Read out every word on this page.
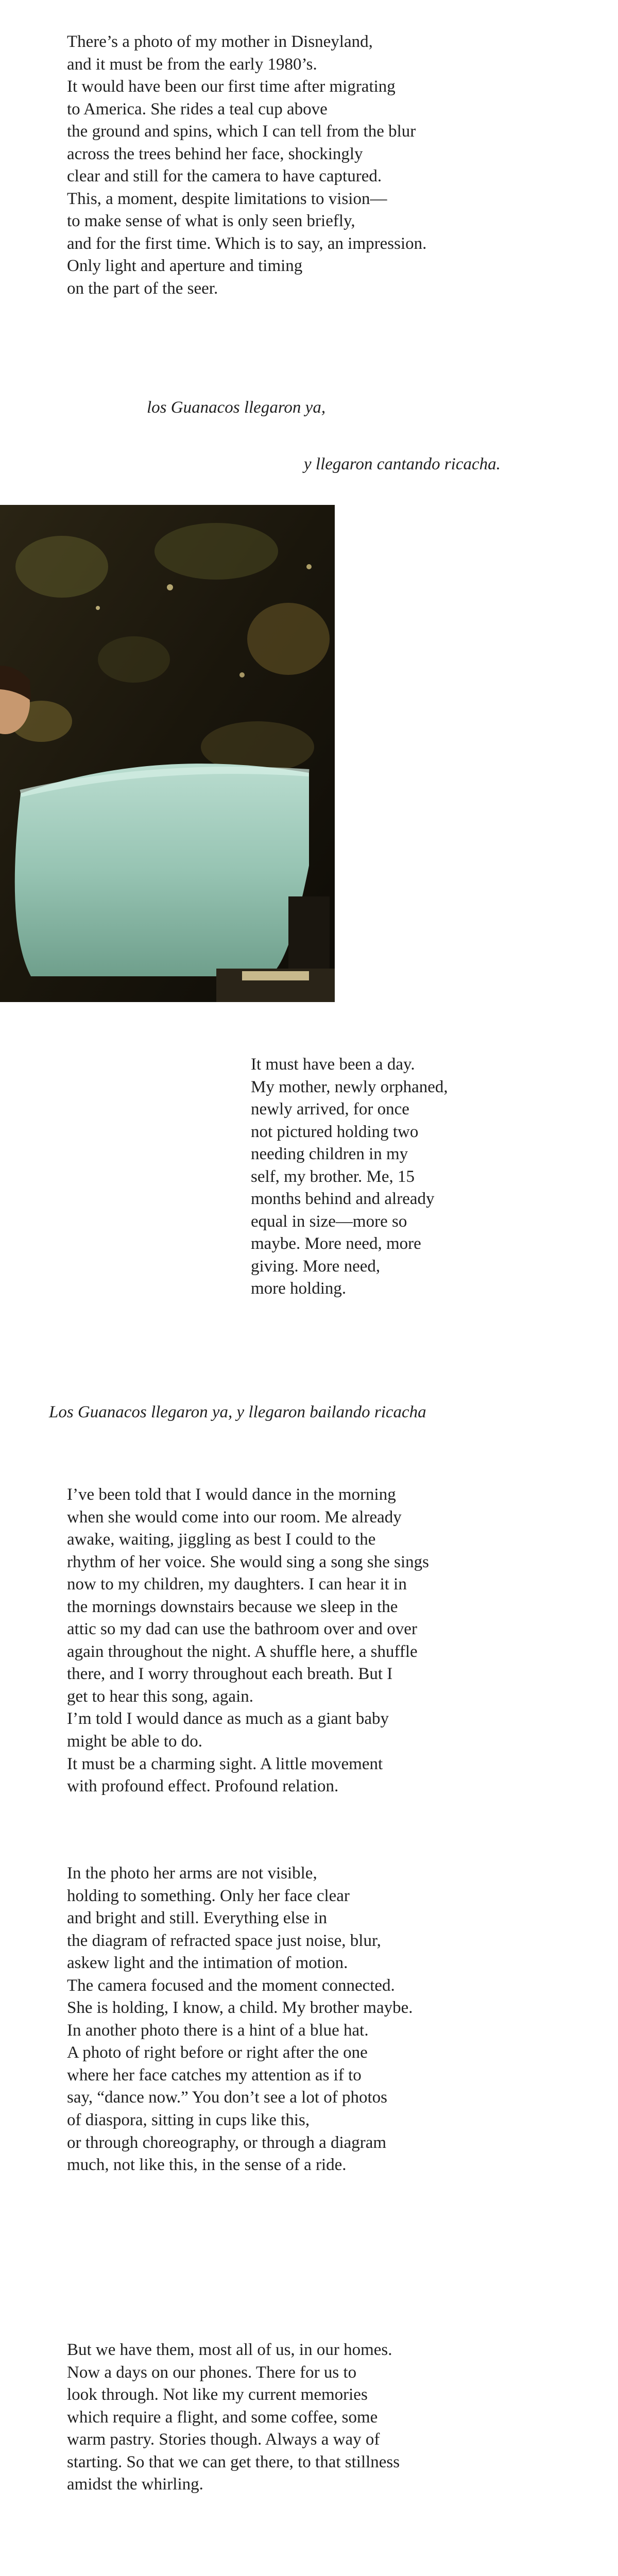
There’s a photo of my mother in Disneyland,
and it must be from the early 1980’s.
It would have been our first time after migrating
to America. She rides a teal cup above
the ground and spins, which I can tell from the blur
across the trees behind her face, shockingly
clear and still for the camera to have captured.
This, a moment, despite limitations to vision—
to make sense of what is only seen briefly,
and for the first time. Which is to say, an impression.
Only light and aperture and timing
on the part of the seer.

los Guanacos llegaron ya,

y llegaron cantando ricacha.

It must have been a day.
My mother, newly orphaned,
newly arrived, for once
not pictured holding two
needing children in my
self, my brother. Me, 15
months behind and already
equal in size—more so
maybe. More need, more
giving. More need,
more holding.

Los Guanacos llegaron ya, y llegaron bailando ricacha

I’ve been told that I would dance in the morning
when she would come into our room. Me already
awake, waiting, jiggling as best I could to the
rhythm of her voice. She would sing a song she sings
now to my children, my daughters. I can hear it in
the mornings downstairs because we sleep in the
attic so my dad can use the bathroom over and over
again throughout the night. A shuffle here, a shuffle
there, and I worry throughout each breath. But I
get to hear this song, again.
I’m told I would dance as much as a giant baby
might be able to do.
It must be a charming sight. A little movement
with profound effect. Profound relation.

In the photo her arms are not visible,
holding to something. Only her face clear
and bright and still. Everything else in
the diagram of refracted space just noise, blur,
askew light and the intimation of motion.
The camera focused and the moment connected.
She is holding, I know, a child. My brother maybe.
In another photo there is a hint of a blue hat.
A photo of right before or right after the one
where her face catches my attention as if to
say, “dance now.” You don’t see a lot of photos
of diaspora, sitting in cups like this,
or through choreography, or through a diagram
much, not like this, in the sense of a ride.

But we have them, most all of us, in our homes.
Now a days on our phones. There for us to
look through. Not like my current memories
which require a flight, and some coffee, some
warm pastry. Stories though. Always a way of
starting. So that we can get there, to that stillness
amidst the whirling.
